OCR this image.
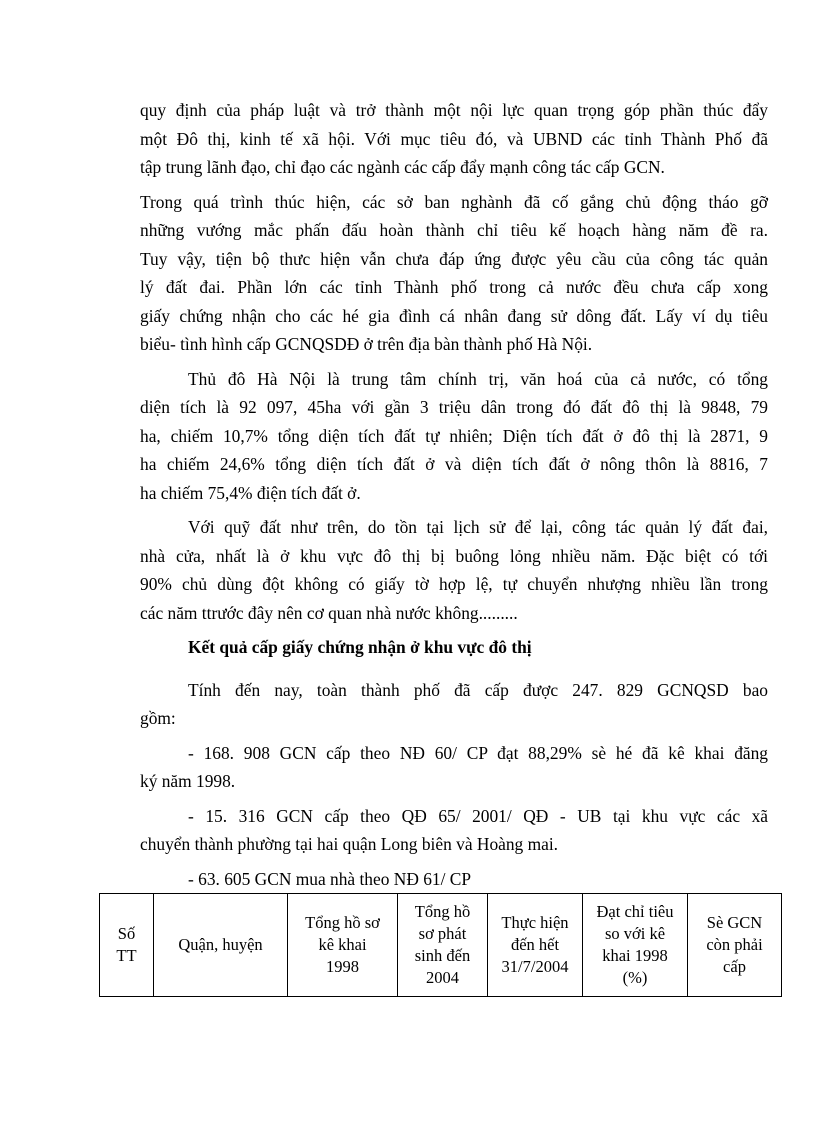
quy định của pháp luật và trở thành một nội lực quan trọng góp phần thúc đẩy
một Đô thị, kinh tế xã hội. Với mục tiêu đó, và UBND các tỉnh Thành Phố đã
tập trung lãnh đạo, chỉ đạo các ngành các cấp đẩy mạnh công tác cấp GCN.
Trong quá trình thúc hiện, các sở ban nghành đã cố gắng chủ động tháo gỡ
những vướng mắc phấn đấu hoàn thành chỉ tiêu kế hoạch hàng năm đề ra.
Tuy vậy, tiện bộ thưc hiện vẫn chưa đáp ứng được yêu cầu của công tác quản
lý đất đai. Phần lớn các tỉnh Thành phố trong cả nước đều chưa cấp xong
giấy chứng nhận cho các hé gia đình cá nhân đang sử dông đất. Lấy ví dụ tiêu
biểu- tình hình cấp GCNQSDĐ ở trên địa bàn thành phố Hà Nội.
Thủ đô Hà Nội là trung tâm chính trị, văn hoá của cả nước, có tổng
diện tích là 92 097, 45ha với gần 3 triệu dân trong đó đất đô thị là 9848, 79
ha, chiếm 10,7% tổng diện tích đất tự nhiên; Diện tích đất ở đô thị là 2871, 9
ha chiếm 24,6% tổng diện tích đất ở và diện tích đất ở nông thôn là 8816, 7
ha chiếm 75,4% điện tích đất ở.
Với quỹ đất như trên, do tồn tại lịch sử để lại, công tác quản lý đất đai,
nhà cửa, nhất là ở khu vực đô thị bị buông lỏng nhiều năm. Đặc biệt có tới
90% chủ dùng đột không có giấy tờ hợp lệ, tự chuyển nhượng nhiều lần trong
các năm ttrước đây nên cơ quan nhà nước không.........
Kết quả cấp giấy chứng nhận ở khu vực đô thị
Tính đến nay, toàn thành phố đã cấp được 247. 829 GCNQSD bao
gồm:
- 168. 908 GCN cấp theo NĐ 60/ CP đạt 88,29% sè hé đã kê khai đăng
ký năm 1998.
- 15. 316 GCN cấp theo QĐ 65/ 2001/ QĐ - UB tại khu vực các xã
chuyển thành phường tại hai quận Long biên và Hoàng mai.
- 63. 605 GCN mua nhà theo NĐ 61/ CP
Số
TT

Quận, huyện

Tổng hồ sơ
kê khai
1998

Tổng hồ
sơ phát
sinh đến
2004

Thực hiện
đến hết
31/7/2004

Đạt chỉ tiêu
so với kê
khai 1998
(%)

Sè GCN
còn phải
cấp
